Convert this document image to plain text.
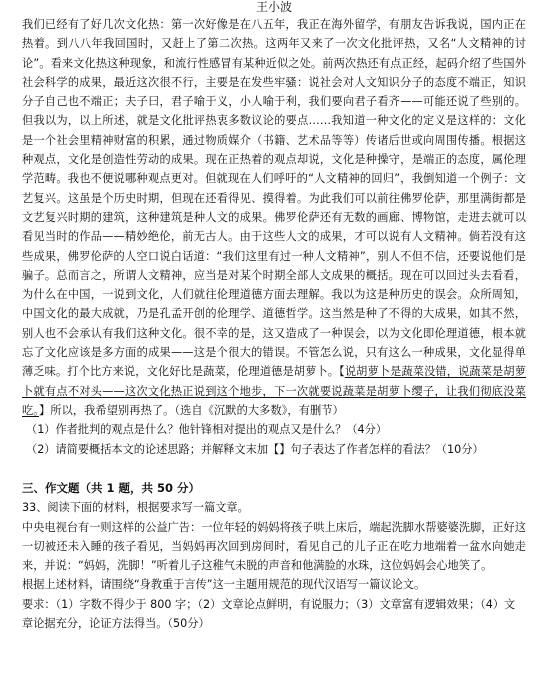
王小波

我们已经有了好几次文化热：第一次好像是在八五年，我正在海外留学，有朋友告诉我说，国内正在热着。到八八年我回国时，又赶上了第二次热。这两年又来了一次文化批评热，又名“人文精神的讨论”。看来文化热这种现象，和流行性感冒有某种近似之处。前两次热还有点正经，起码介绍了些国外社会科学的成果，最近这次很不行，主要是在发些牢骚：说社会对人文知识分子的态度不端正，知识分子自己也不端正；夫子曰，君子喻于义，小人喻于利，我们要向君子看齐——可能还说了些别的。但我以为，以上所述，就是文化批评热衷多数议论的要点……我知道一种文化的定义是这样的：文化是一个社会里精神财富的积累，通过物质媒介（书籍、艺术品等等）传诸后世或向周围传播。根据这种观点，文化是创造性劳动的成果。现在正热着的观点却说，文化是种操守，是端正的态度，属伦理学范畴。我也不便说哪种观点更对。但就现在人们呼吁的“人文精神的回归”，我倒知道一个例子：文艺复兴。这虽是个历史时期，但现在还看得见、摸得着。为此我们可以前往佛罗伦萨，那里满街都是文艺复兴时期的建筑，这种建筑是种人文的成果。佛罗伦萨还有无数的画廊、博物馆，走进去就可以看见当时的作品——精妙绝伦，前无古人。由于这些人文的成果，才可以说有人文精神。倘若没有这些成果，佛罗伦萨的人空口说白话道：“我们这里有过一种人文精神”，别人不但不信，还要说他们是骗子。总而言之，所谓人文精神，应当是对某个时期全部人文成果的概括。现在可以回过头去看看，为什么在中国，一说到文化，人们就往伦理道德方面去理解。我以为这是种历史的误会。众所周知，中国文化的最大成就，乃是孔孟开创的伦理学、道德哲学。这当然是种了不得的大成果，如其不然，别人也不会承认有我们这种文化。很不幸的是，这又造成了一种误会，以为文化即伦理道德，根本就忘了文化应该是多方面的成果——这是个很大的错误。不管怎么说，只有这么一种成果，文化显得单薄乏味。打个比方来说，文化好比是蔬菜，伦理道德是胡萝卜。【说胡萝卜是蔬菜没错，说蔬菜是胡萝卜就有点不对头——这次文化热正说到这个地步，下一次就要说蔬菜是胡萝卜缨子，让我们彻底没菜吃。】所以，我希望别再热了。（选自《沉默的大多数》，有删节）

（1）作者批判的观点是什么？他针锋相对提出的观点又是什么？（4分）

（2）请简要概括本文的论述思路；并解释文末加【】句子表达了作者怎样的看法？（10分）

三、作文题（共 1 题，共 50 分）

33、阅读下面的材料，根据要求写一篇文章。

中央电视台有一则这样的公益广告：一位年轻的妈妈将孩子哄上床后，端起洗脚水帮婆婆洗脚，正好这一切被还未入睡的孩子看见，当妈妈再次回到房间时，看见自己的儿子正在吃力地端着一盆水向她走来，并说：“妈妈，洗脚！”听着儿子这稚气未脱的声音和他满脸的水珠，这位妈妈会心地笑了。

根据上述材料，请围绕“身教重于言传”这一主题用规范的现代汉语写一篇议论文。

要求：（1）字数不得少于 800 字；（2）文章论点鲜明，有说服力；（3）文章富有逻辑效果；（4）文章论据充分，论证方法得当。（50分）
